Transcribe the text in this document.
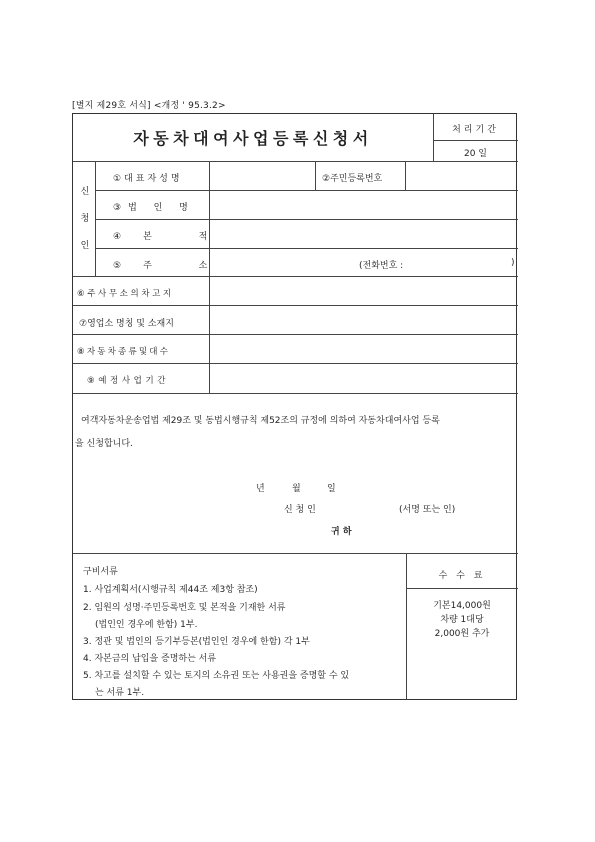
[별지 제29호 서식] <개정 ' 95.3.2>
자동차대여사업등록신청서	처리기간
20 일
신
청
인
①대표자성명	②주민등록번호
③법 인 명
④본 적
⑤주 소	(전화번호 :	)
⑥주사무소의차고지
⑦영업소 명칭 및 소재지
⑧자동차종류및대수
⑨예정사업기간
여객자동차운송업법 제29조 및 동법시행규칙 제52조의 규정에 의하여 자동차대여사업 등록
을 신청합니다.
년	월	일
신 청 인	(서명 또는 인)
귀 하
구비서류
1. 사업계획서(시행규칙 제44조 제3항 참조)
2. 임원의 성명·주민등록번호 및 본적을 기재한 서류
(법인인 경우에 한함) 1부.
3. 정관 및 법인의 등기부등본(법인인 경우에 한함) 각 1부
4. 자본금의 납입을 증명하는 서류
5. 차고를 설치할 수 있는 토지의 소유권 또는 사용권을 증명할 수 있
는 서류 1부.
수 수 료
기본14,000원
차량 1대당
2,000원 추가
